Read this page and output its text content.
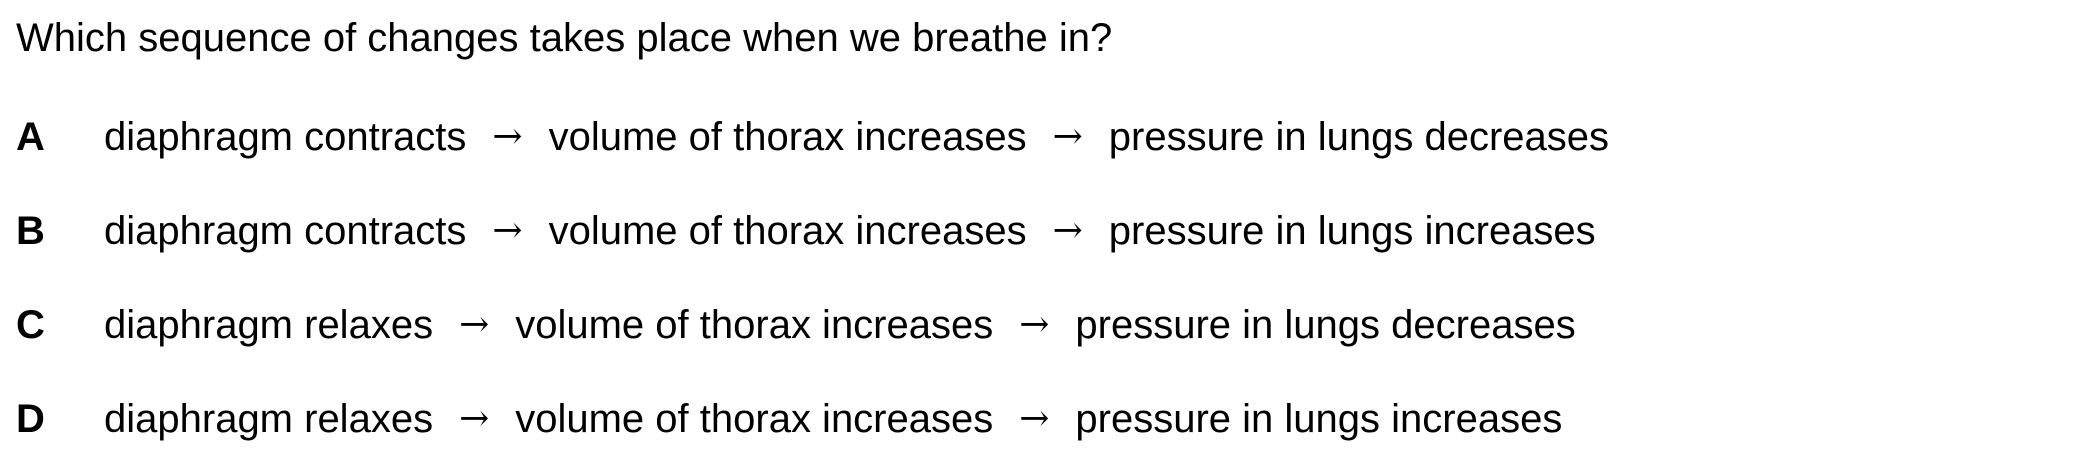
Which sequence of changes takes place when we breathe in?
A	diaphragm contracts → volume of thorax increases → pressure in lungs decreases
B	diaphragm contracts → volume of thorax increases → pressure in lungs increases
C	diaphragm relaxes → volume of thorax increases → pressure in lungs decreases
D	diaphragm relaxes → volume of thorax increases → pressure in lungs increases
